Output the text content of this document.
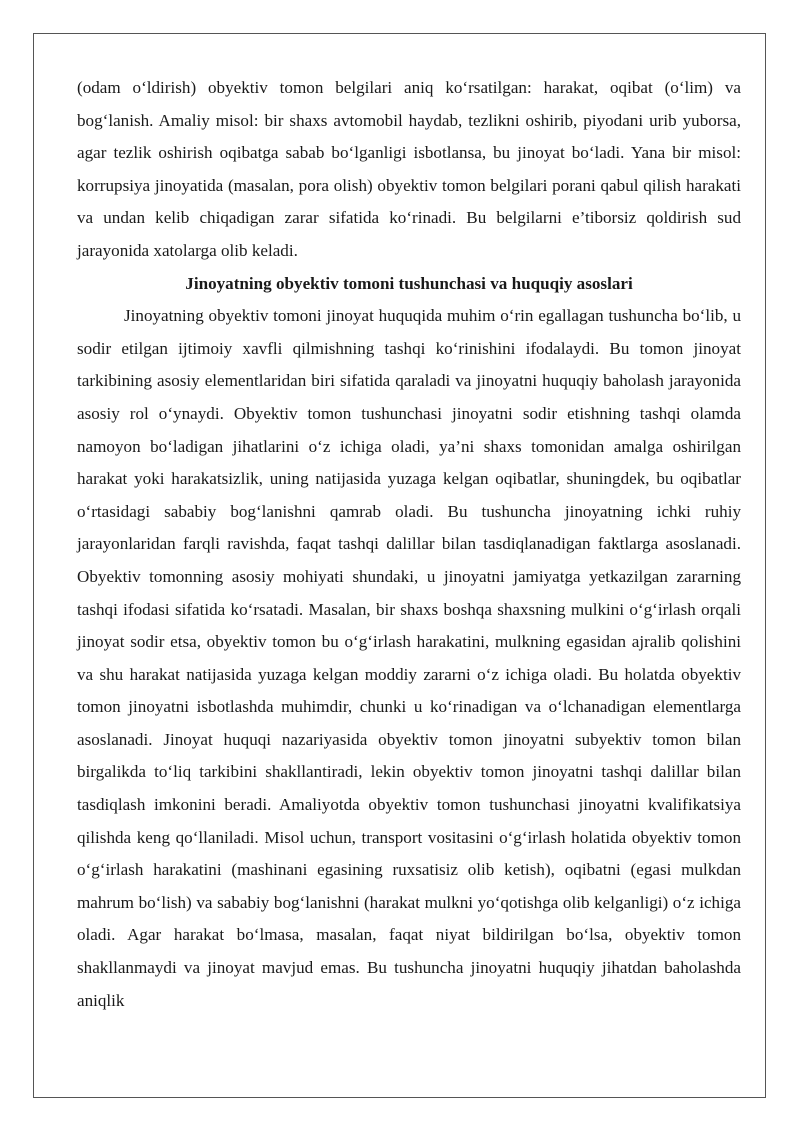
(odam o‘ldirish) obyektiv tomon belgilari aniq ko‘rsatilgan: harakat, oqibat (o‘lim) va bog‘lanish. Amaliy misol: bir shaxs avtomobil haydab, tezlikni oshirib, piyodani urib yuborsa, agar tezlik oshirish oqibatga sabab bo‘lganligi isbotlansa, bu jinoyat bo‘ladi. Yana bir misol: korrupsiya jinoyatida (masalan, pora olish) obyektiv tomon belgilari porani qabul qilish harakati va undan kelib chiqadigan zarar sifatida ko‘rinadi. Bu belgilarni e’tiborsiz qoldirish sud jarayonida xatolarga olib keladi.

Jinoyatning obyektiv tomoni tushunchasi va huquqiy asoslari

Jinoyatning obyektiv tomoni jinoyat huquqida muhim o‘rin egallagan tushuncha bo‘lib, u sodir etilgan ijtimoiy xavfli qilmishning tashqi ko‘rinishini ifodalaydi. Bu tomon jinoyat tarkibining asosiy elementlaridan biri sifatida qaraladi va jinoyatni huquqiy baholash jarayonida asosiy rol o‘ynaydi. Obyektiv tomon tushunchasi jinoyatni sodir etishning tashqi olamda namoyon bo‘ladigan jihatlarini o‘z ichiga oladi, ya’ni shaxs tomonidan amalga oshirilgan harakat yoki harakatsizlik, uning natijasida yuzaga kelgan oqibatlar, shuningdek, bu oqibatlar o‘rtasidagi sababiy bog‘lanishni qamrab oladi. Bu tushuncha jinoyatning ichki ruhiy jarayonlaridan farqli ravishda, faqat tashqi dalillar bilan tasdiqlanadigan faktlarga asoslanadi. Obyektiv tomonning asosiy mohiyati shundaki, u jinoyatni jamiyatga yetkazilgan zararning tashqi ifodasi sifatida ko‘rsatadi. Masalan, bir shaxs boshqa shaxsning mulkini o‘g‘irlash orqali jinoyat sodir etsa, obyektiv tomon bu o‘g‘irlash harakatini, mulkning egasidan ajralib qolishini va shu harakat natijasida yuzaga kelgan moddiy zararni o‘z ichiga oladi. Bu holatda obyektiv tomon jinoyatni isbotlashda muhimdir, chunki u ko‘rinadigan va o‘lchanadigan elementlarga asoslanadi. Jinoyat huquqi nazariyasida obyektiv tomon jinoyatni subyektiv tomon bilan birgalikda to‘liq tarkibini shakllantiradi, lekin obyektiv tomon jinoyatni tashqi dalillar bilan tasdiqlash imkonini beradi. Amaliyotda obyektiv tomon tushunchasi jinoyatni kvalifikatsiya qilishda keng qo‘llaniladi. Misol uchun, transport vositasini o‘g‘irlash holatida obyektiv tomon o‘g‘irlash harakatini (mashinani egasining ruxsatisiz olib ketish), oqibatni (egasi mulkdan mahrum bo‘lish) va sababiy bog‘lanishni (harakat mulkni yo‘qotishga olib kelganligi) o‘z ichiga oladi. Agar harakat bo‘lmasa, masalan, faqat niyat bildirilgan bo‘lsa, obyektiv tomon shakllanmaydi va jinoyat mavjud emas. Bu tushuncha jinoyatni huquqiy jihatdan baholashda aniqlik
